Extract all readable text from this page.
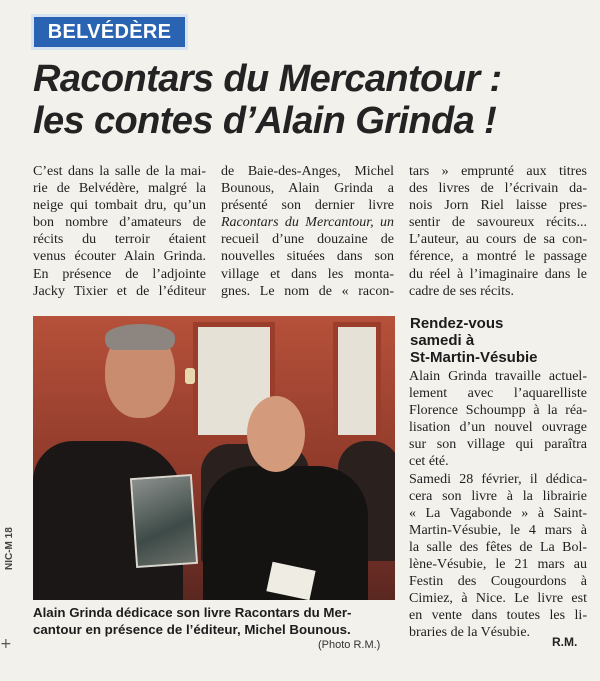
BELVÉDÈRE
Racontars du Mercantour :
les contes d’Alain Grinda !
C’est dans la salle de la mai-
rie de Belvédère, malgré la
neige qui tombait dru, qu’un
bon nombre d’amateurs de
récits du terroir étaient
venus écouter Alain Grinda.
En présence de l’adjointe
Jacky Tixier et de l’éditeur
de Baie-des-Anges, Michel
Bounous, Alain Grinda a
présenté son dernier livre
Racontars du Mercantour, un
recueil d’une douzaine de
nouvelles situées dans son
village et dans les monta-
gnes. Le nom de « racon-
tars » emprunté aux titres
des livres de l’écrivain da-
nois Jorn Riel laisse pres-
sentir de savoureux récits...
L’auteur, au cours de sa con-
férence, a montré le passage
du réel à l’imaginaire dans le
cadre de ses récits.
Rendez-vous
samedi à
St-Martin-Vésubie
Alain Grinda travaille actuel-
lement avec l’aquarelliste
Florence Schoumpp à la réa-
lisation d’un nouvel ouvrage
sur son village qui paraîtra
cet été.
Samedi 28 février, il dédica-
cera son livre à la librairie
« La Vagabonde » à Saint-
Martin-Vésubie, le 4 mars à
la salle des fêtes de La Bol-
lène-Vésubie, le 21 mars au
Festin des Cougourdons à
Cimiez, à Nice. Le livre est
en vente dans toutes les li-
braries de la Vésubie.
Alain Grinda dédicace son livre Racontars du Mer-
cantour en présence de l’éditeur, Michel Bounous.
(Photo R.M.)	R.M.
NIC-M 18
+
